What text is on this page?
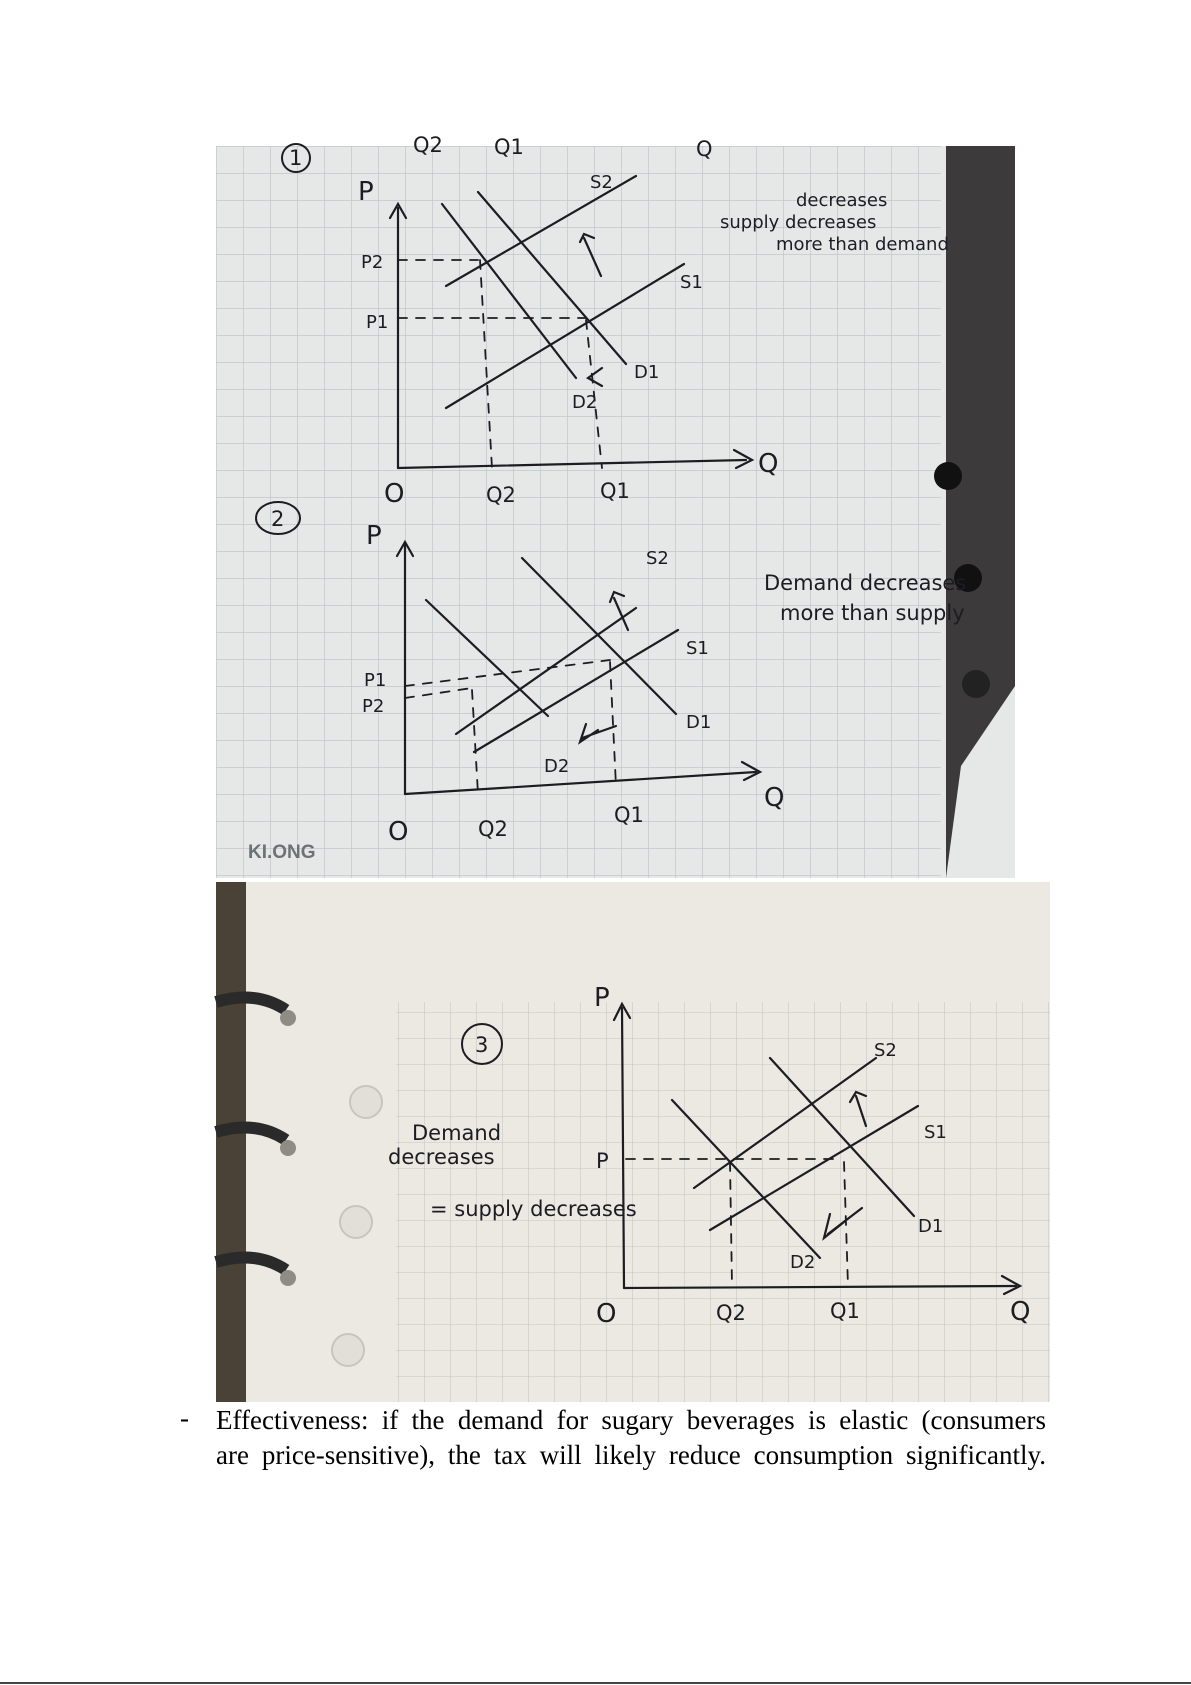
1
Q2 Q1	Q
P
Q
O
P2
P1
Q2	Q1
S2
S1
D1
D2
decreases
supply decreases
more than demand
2
P
Q
O
P1
P2
Q2
Q1
S2
S1
D1
D2
Demand decreases
more than supply
KI.ONG
3
P
Q
O
P
Q2	Q1
S2
S1
D1
D2
Demand
decreases
= supply decreases
- Effectiveness: if the demand for sugary beverages is elastic (consumers
are price-sensitive), the tax will likely reduce consumption significantly.
